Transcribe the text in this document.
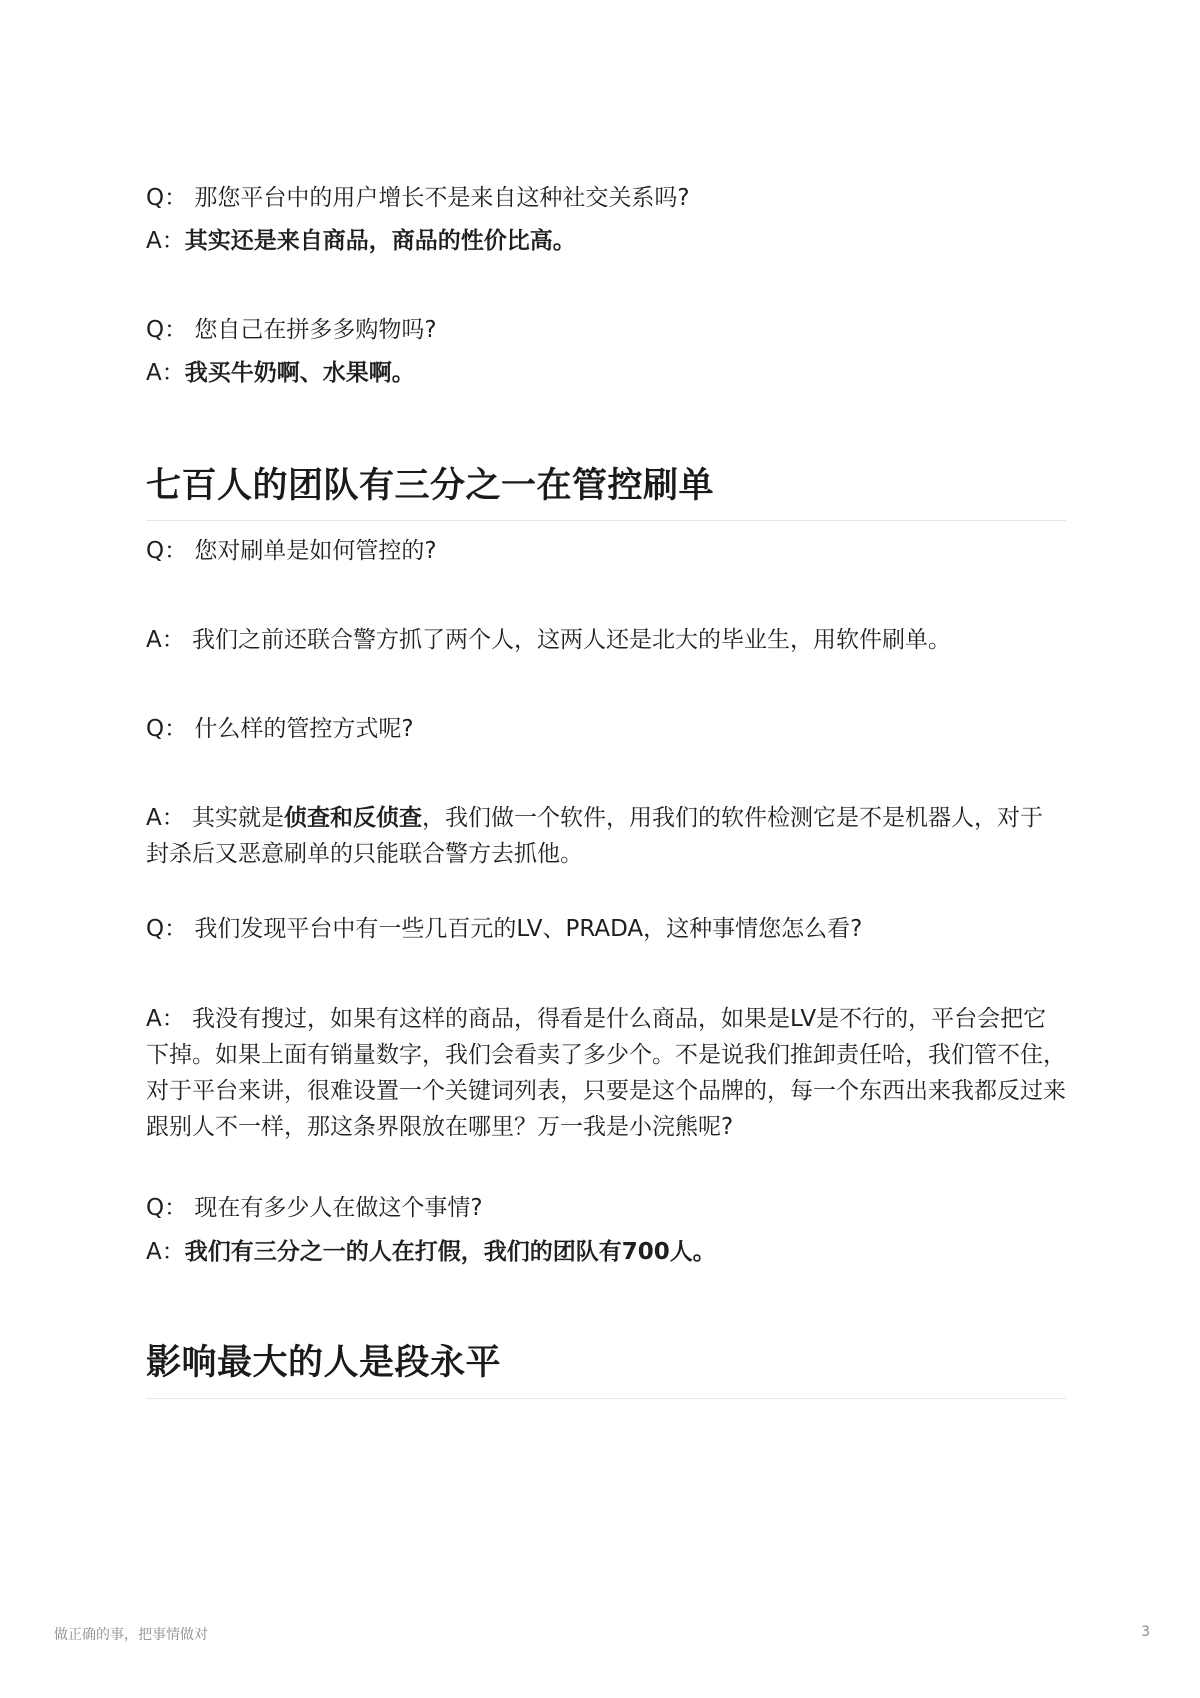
Q： 那您平台中的用户增长不是来自这种社交关系吗?

A：其实还是来自商品，商品的性价比高。

Q： 您自己在拼多多购物吗?

A：我买牛奶啊、水果啊。

七百人的团队有三分之一在管控刷单

Q： 您对刷单是如何管控的?

A： 我们之前还联合警方抓了两个人，这两人还是北大的毕业生，用软件刷单。

Q： 什么样的管控方式呢?

A： 其实就是侦查和反侦查，我们做一个软件，用我们的软件检测它是不是机器人，对于封杀后又恶意刷单的只能联合警方去抓他。

Q： 我们发现平台中有一些几百元的LV、PRADA，这种事情您怎么看?

A： 我没有搜过，如果有这样的商品，得看是什么商品，如果是LV是不行的，平台会把它下掉。如果上面有销量数字，我们会看卖了多少个。不是说我们推卸责任哈，我们管不住，对于平台来讲，很难设置一个关键词列表，只要是这个品牌的，每一个东西出来我都反过来跟别人不一样，那这条界限放在哪里？万一我是小浣熊呢?

Q： 现在有多少人在做这个事情?

A：我们有三分之一的人在打假，我们的团队有700人。

影响最大的人是段永平
做正确的事，把事情做对	3
